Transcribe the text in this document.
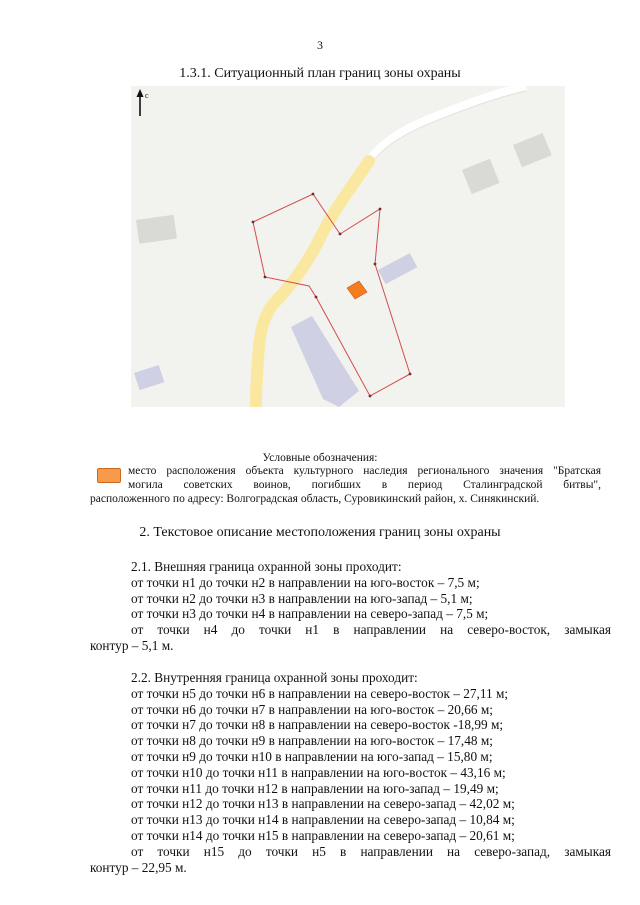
3
1.3.1. Ситуационный план границ зоны охраны
с
Условные обозначения:
место расположения объекта культурного наследия регионального значения "Братская
могила советских воинов, погибших в период Сталинградской битвы",
расположенного по адресу: Волгоградская область, Суровикинский район, х. Синякинский.
2. Текстовое описание местоположения границ зоны охраны
2.1. Внешняя граница охранной зоны проходит:
от точки н1 до точки н2 в направлении на юго-восток – 7,5 м;
от точки н2 до точки н3 в направлении на юго-запад – 5,1 м;
от точки н3 до точки н4 в направлении на северо-запад – 7,5 м;
от точки н4 до точки н1 в направлении на северо-восток, замыкая
контур – 5,1 м.
2.2. Внутренняя граница охранной зоны проходит:
от точки н5 до точки н6 в направлении на северо-восток – 27,11 м;
от точки н6 до точки н7 в направлении на юго-восток – 20,66 м;
от точки н7 до точки н8 в направлении на северо-восток -18,99 м;
от точки н8 до точки н9 в направлении на юго-восток – 17,48 м;
от точки н9 до точки н10 в направлении на юго-запад – 15,80 м;
от точки н10 до точки н11 в направлении на юго-восток – 43,16 м;
от точки н11 до точки н12 в направлении на юго-запад – 19,49 м;
от точки н12 до точки н13 в направлении на северо-запад – 42,02 м;
от точки н13 до точки н14 в направлении на северо-запад – 10,84 м;
от точки н14 до точки н15 в направлении на северо-запад – 20,61 м;
от точки н15 до точки н5 в направлении на северо-запад, замыкая
контур – 22,95 м.
